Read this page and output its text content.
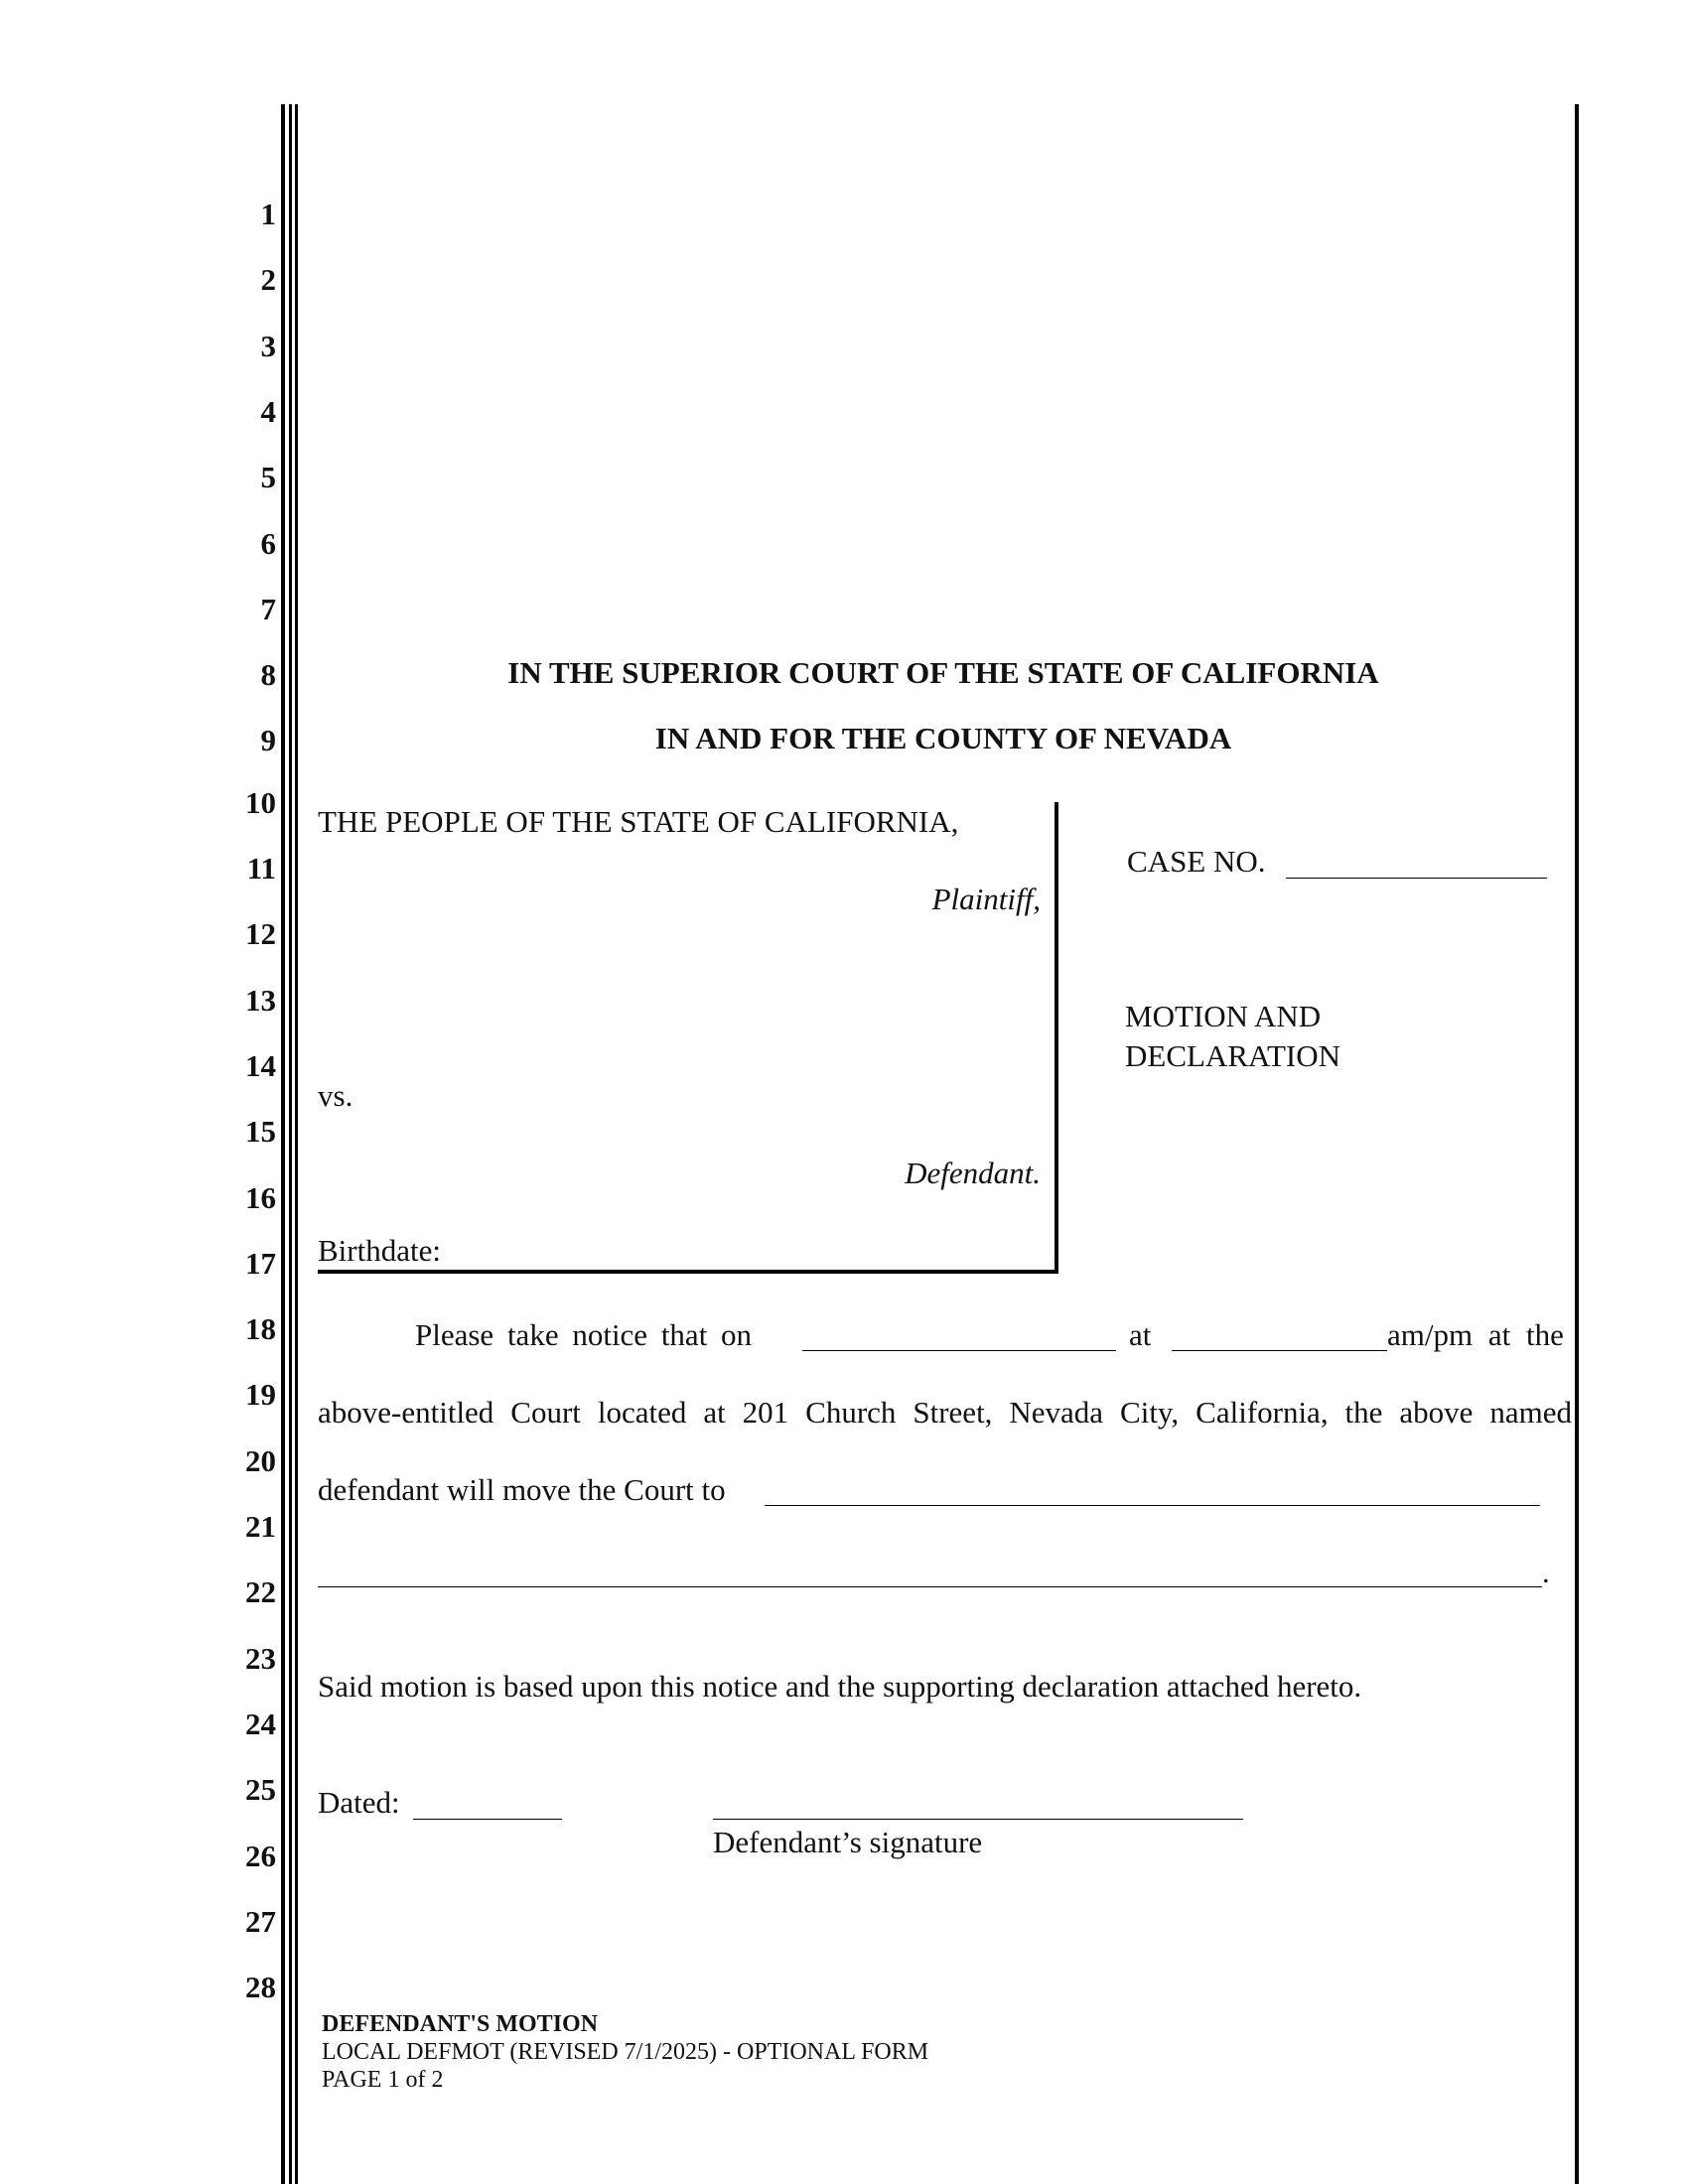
1
2
3
4
5
6
7
8
9
10
11
12
13
14
15
16
17
18
19
20
21
22
23
24
25
26
27
28
IN THE SUPERIOR COURT OF THE STATE OF CALIFORNIA
IN AND FOR THE COUNTY OF NEVADA
THE PEOPLE OF THE STATE OF CALIFORNIA,
Plaintiff,
vs.
Defendant.
Birthdate:
CASE NO.
MOTION AND
DECLARATION
Please take notice that on	at	am/pm at the
above-entitled Court located at 201 Church Street, Nevada City, California, the above named
defendant will move the Court to
.
Said motion is based upon this notice and the supporting declaration attached hereto.
Dated:
Defendant’s signature
DEFENDANT'S MOTION
LOCAL DEFMOT (REVISED 7/1/2025) - OPTIONAL FORM
PAGE 1 of 2
